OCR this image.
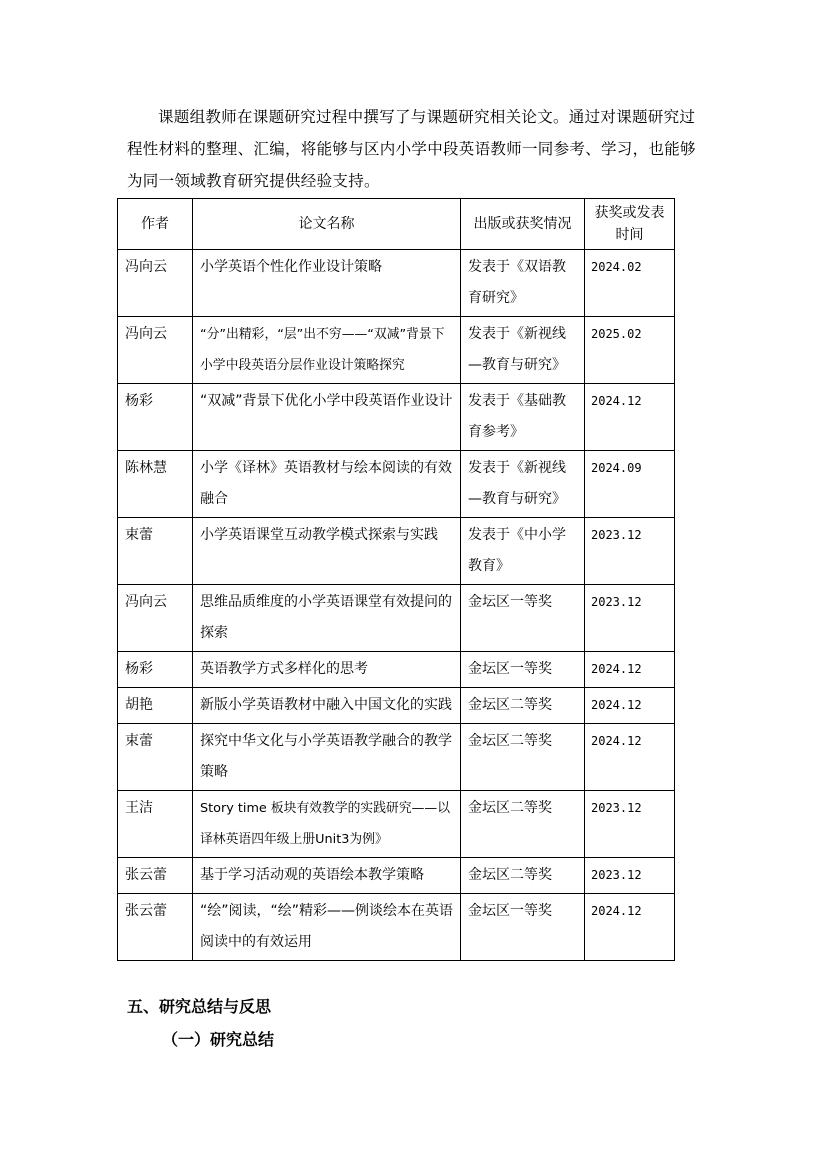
课题组教师在课题研究过程中撰写了与课题研究相关论文。通过对课题研究过程性材料的整理、汇编，将能够与区内小学中段英语教师一同参考、学习，也能够为同一领域教育研究提供经验支持。

作者	论文名称	出版或获奖情况	获奖或发表时间
冯向云	小学英语个性化作业设计策略	发表于《双语教育研究》	2024.02
冯向云	“分”出精彩，“层”出不穷——“双减”背景下小学中段英语分层作业设计策略探究	发表于《新视线—教育与研究》	2025.02
杨彩	“双减”背景下优化小学中段英语作业设计	发表于《基础教育参考》	2024.12
陈林慧	小学《译林》英语教材与绘本阅读的有效融合	发表于《新视线—教育与研究》	2024.09
束蕾	小学英语课堂互动教学模式探索与实践	发表于《中小学教育》	2023.12
冯向云	思维品质维度的小学英语课堂有效提问的探索	金坛区一等奖	2023.12
杨彩	英语教学方式多样化的思考	金坛区一等奖	2024.12
胡艳	新版小学英语教材中融入中国文化的实践	金坛区二等奖	2024.12
束蕾	探究中华文化与小学英语教学融合的教学策略	金坛区二等奖	2024.12
王洁	Story time 板块有效教学的实践研究——以译林英语四年级上册Unit3为例》	金坛区二等奖	2023.12
张云蕾	基于学习活动观的英语绘本教学策略	金坛区二等奖	2023.12
张云蕾	“绘”阅读，“绘”精彩——例谈绘本在英语阅读中的有效运用	金坛区一等奖	2024.12
五、研究总结与反思
（一）研究总结
